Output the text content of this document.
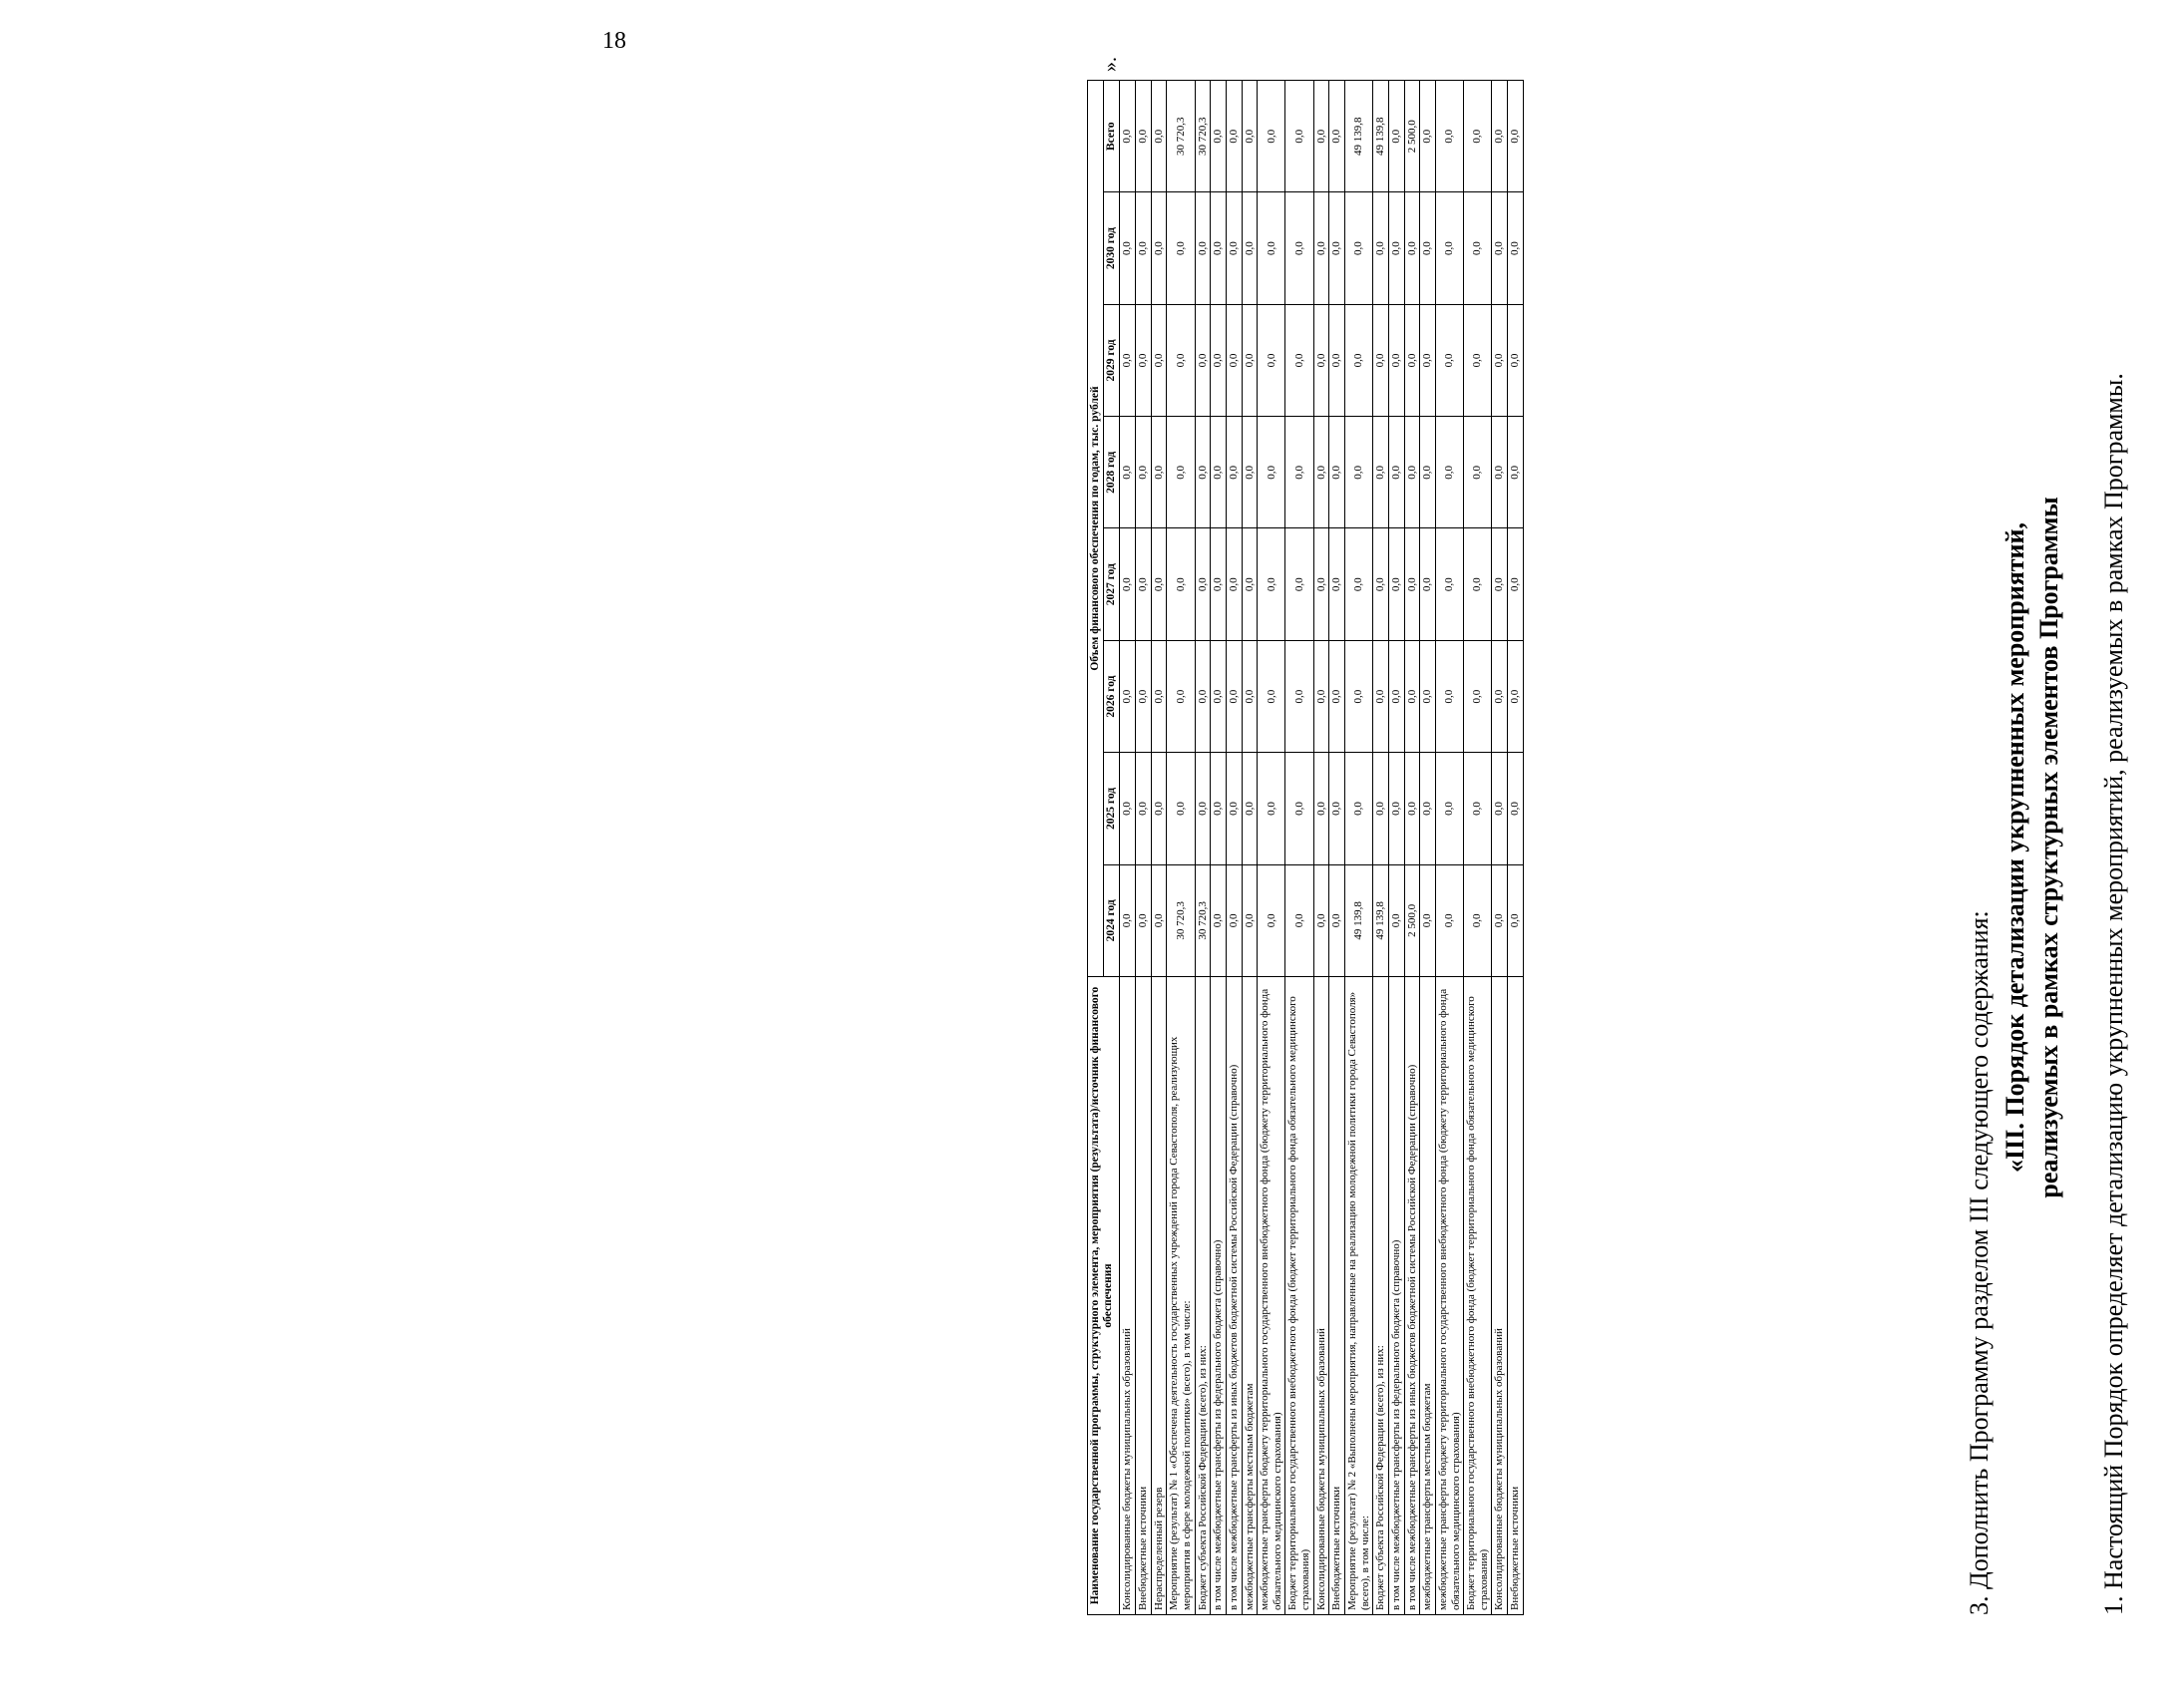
18
Наименование государственной программы, структурного элемента, мероприятия (результата)/источник финансового обеспечения	Объем финансового обеспечения по годам, тыс. рублей							
	2024 год	2025 год	2026 год	2027 год	2028 год	2029 год	2030 год	Всего
Консолидированные бюджеты муниципальных образований	0,0	0,0	0,0	0,0	0,0	0,0	0,0	0,0
Внебюджетные источники	0,0	0,0	0,0	0,0	0,0	0,0	0,0	0,0
Нераспределенный резерв	0,0	0,0	0,0	0,0	0,0	0,0	0,0	0,0
Мероприятие (результат) № 1 «Обеспечена деятельность государственных учреждений города Севастополя, реализующих мероприятия в сфере молодежной политики» (всего), в том числе:	30 720,3	0,0	0,0	0,0	0,0	0,0	0,0	30 720,3
Бюджет субъекта Российской Федерации (всего), из них:	30 720,3	0,0	0,0	0,0	0,0	0,0	0,0	30 720,3
в том числе межбюджетные трансферты из федерального бюджета (справочно)	0,0	0,0	0,0	0,0	0,0	0,0	0,0	0,0
в том числе межбюджетные трансферты из иных бюджетов бюджетной системы Российской Федерации (справочно)	0,0	0,0	0,0	0,0	0,0	0,0	0,0	0,0
межбюджетные трансферты местным бюджетам	0,0	0,0	0,0	0,0	0,0	0,0	0,0	0,0
межбюджетные трансферты бюджету территориального государственного внебюджетного фонда (бюджету территориального фонда обязательного медицинского страхования)	0,0	0,0	0,0	0,0	0,0	0,0	0,0	0,0
Бюджет территориального государственного внебюджетного фонда (бюджет территориального фонда обязательного медицинского страхования)	0,0	0,0	0,0	0,0	0,0	0,0	0,0	0,0
Консолидированные бюджеты муниципальных образований	0,0	0,0	0,0	0,0	0,0	0,0	0,0	0,0
Внебюджетные источники	0,0	0,0	0,0	0,0	0,0	0,0	0,0	0,0
Мероприятие (результат) № 2 «Выполнены мероприятия, направленные на реализацию молодежной политики города Севастополя» (всего), в том числе:	49 139,8	0,0	0,0	0,0	0,0	0,0	0,0	49 139,8
Бюджет субъекта Российской Федерации (всего), из них:	49 139,8	0,0	0,0	0,0	0,0	0,0	0,0	49 139,8
в том числе межбюджетные трансферты из федерального бюджета (справочно)	0,0	0,0	0,0	0,0	0,0	0,0	0,0	0,0
в том числе межбюджетные трансферты из иных бюджетов бюджетной системы Российской Федерации (справочно)	2 500,0	0,0	0,0	0,0	0,0	0,0	0,0	2 500,0
межбюджетные трансферты местным бюджетам	0,0	0,0	0,0	0,0	0,0	0,0	0,0	0,0
межбюджетные трансферты бюджету территориального государственного внебюджетного фонда (бюджету территориального фонда обязательного медицинского страхования)	0,0	0,0	0,0	0,0	0,0	0,0	0,0	0,0
Бюджет территориального государственного внебюджетного фонда (бюджет территориального фонда обязательного медицинского страхования)	0,0	0,0	0,0	0,0	0,0	0,0	0,0	0,0
Консолидированные бюджеты муниципальных образований	0,0	0,0	0,0	0,0	0,0	0,0	0,0	0,0
Внебюджетные источники	0,0	0,0	0,0	0,0	0,0	0,0	0,0	0,0
».
3. Дополнить Программу разделом III следующего содержания:
«III. Порядок детализации укрупненных мероприятий, реализуемых в рамках структурных элементов Программы 1. Настоящий Порядок определяет детализацию укрупненных мероприятий, реализуемых в рамках Программы.
